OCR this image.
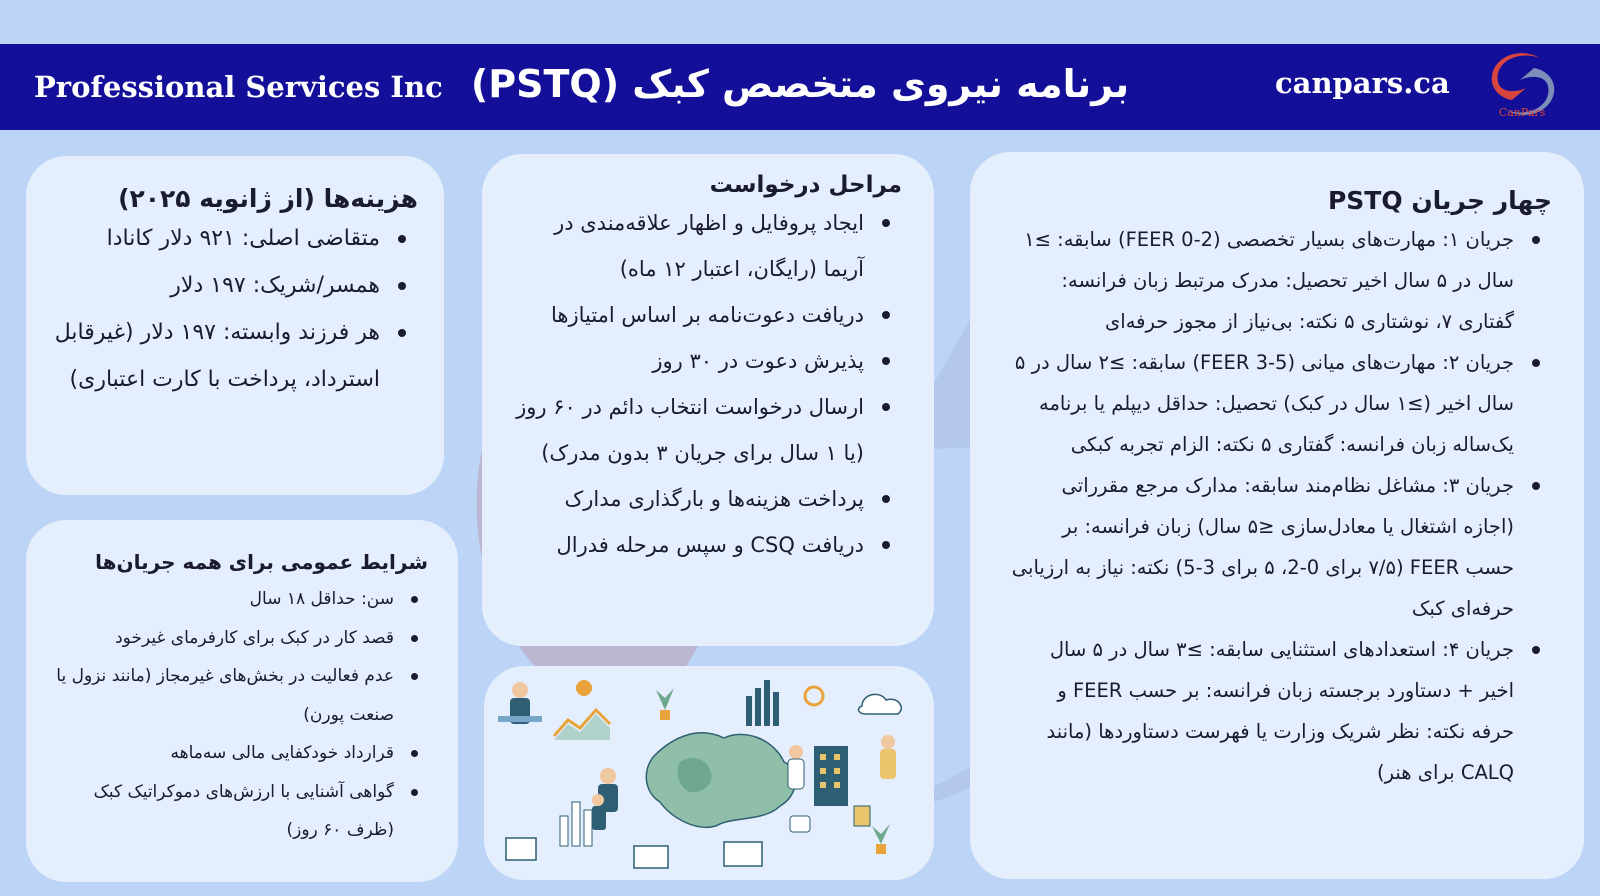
Professional Services Inc برنامه نیروی متخصص کبک (PSTQ)	canpars.ca
CanPars
چهار جریان PSTQ
جریان ۱: مهارت‌های بسیار تخصصی (FEER 0-2) سابقه: ≥۱ سال در ۵ سال اخیر تحصیل: مدرک مرتبط زبان فرانسه: گفتاری ۷، نوشتاری ۵ نکته: بی‌نیاز از مجوز حرفه‌ای
جریان ۲: مهارت‌های میانی (FEER 3-5) سابقه: ≥۲ سال در ۵ سال اخیر (≥۱ سال در کبک) تحصیل: حداقل دیپلم یا برنامه یک‌ساله زبان فرانسه: گفتاری ۵ نکته: الزام تجربه کبکی
جریان ۳: مشاغل نظام‌مند سابقه: مدارک مرجع مقرراتی (اجازه اشتغال یا معادل‌سازی ≤۵ سال) زبان فرانسه: بر حسب FEER (۷/۵ برای 0-2، ۵ برای 3-5) نکته: نیاز به ارزیابی حرفه‌ای کبک
جریان ۴: استعدادهای استثنایی سابقه: ≥۳ سال در ۵ سال اخیر + دستاورد برجسته زبان فرانسه: بر حسب FEER و حرفه نکته: نظر شریک وزارت یا فهرست دستاوردها (مانند CALQ برای هنر)
مراحل درخواست
ایجاد پروفایل و اظهار علاقه‌مندی در آریما (رایگان، اعتبار ۱۲ ماه)
دریافت دعوت‌نامه بر اساس امتیازها
پذیرش دعوت در ۳۰ روز
ارسال درخواست انتخاب دائم در ۶۰ روز (یا ۱ سال برای جریان ۳ بدون مدرک)
پرداخت هزینه‌ها و بارگذاری مدارک
دریافت CSQ و سپس مرحله فدرال
هزینه‌ها (از ژانویه ۲۰۲۵)
متقاضی اصلی: ۹۲۱ دلار کانادا
همسر/شریک: ۱۹۷ دلار
هر فرزند وابسته: ۱۹۷ دلار (غیرقابل استرداد، پرداخت با کارت اعتباری)
شرایط عمومی برای همه جریان‌ها
سن: حداقل ۱۸ سال
قصد کار در کبک برای کارفرمای غیرخود
عدم فعالیت در بخش‌های غیرمجاز (مانند نزول یا صنعت پورن)
قرارداد خودکفایی مالی سه‌ماهه
گواهی آشنایی با ارزش‌های دموکراتیک کبک (ظرف ۶۰ روز)
